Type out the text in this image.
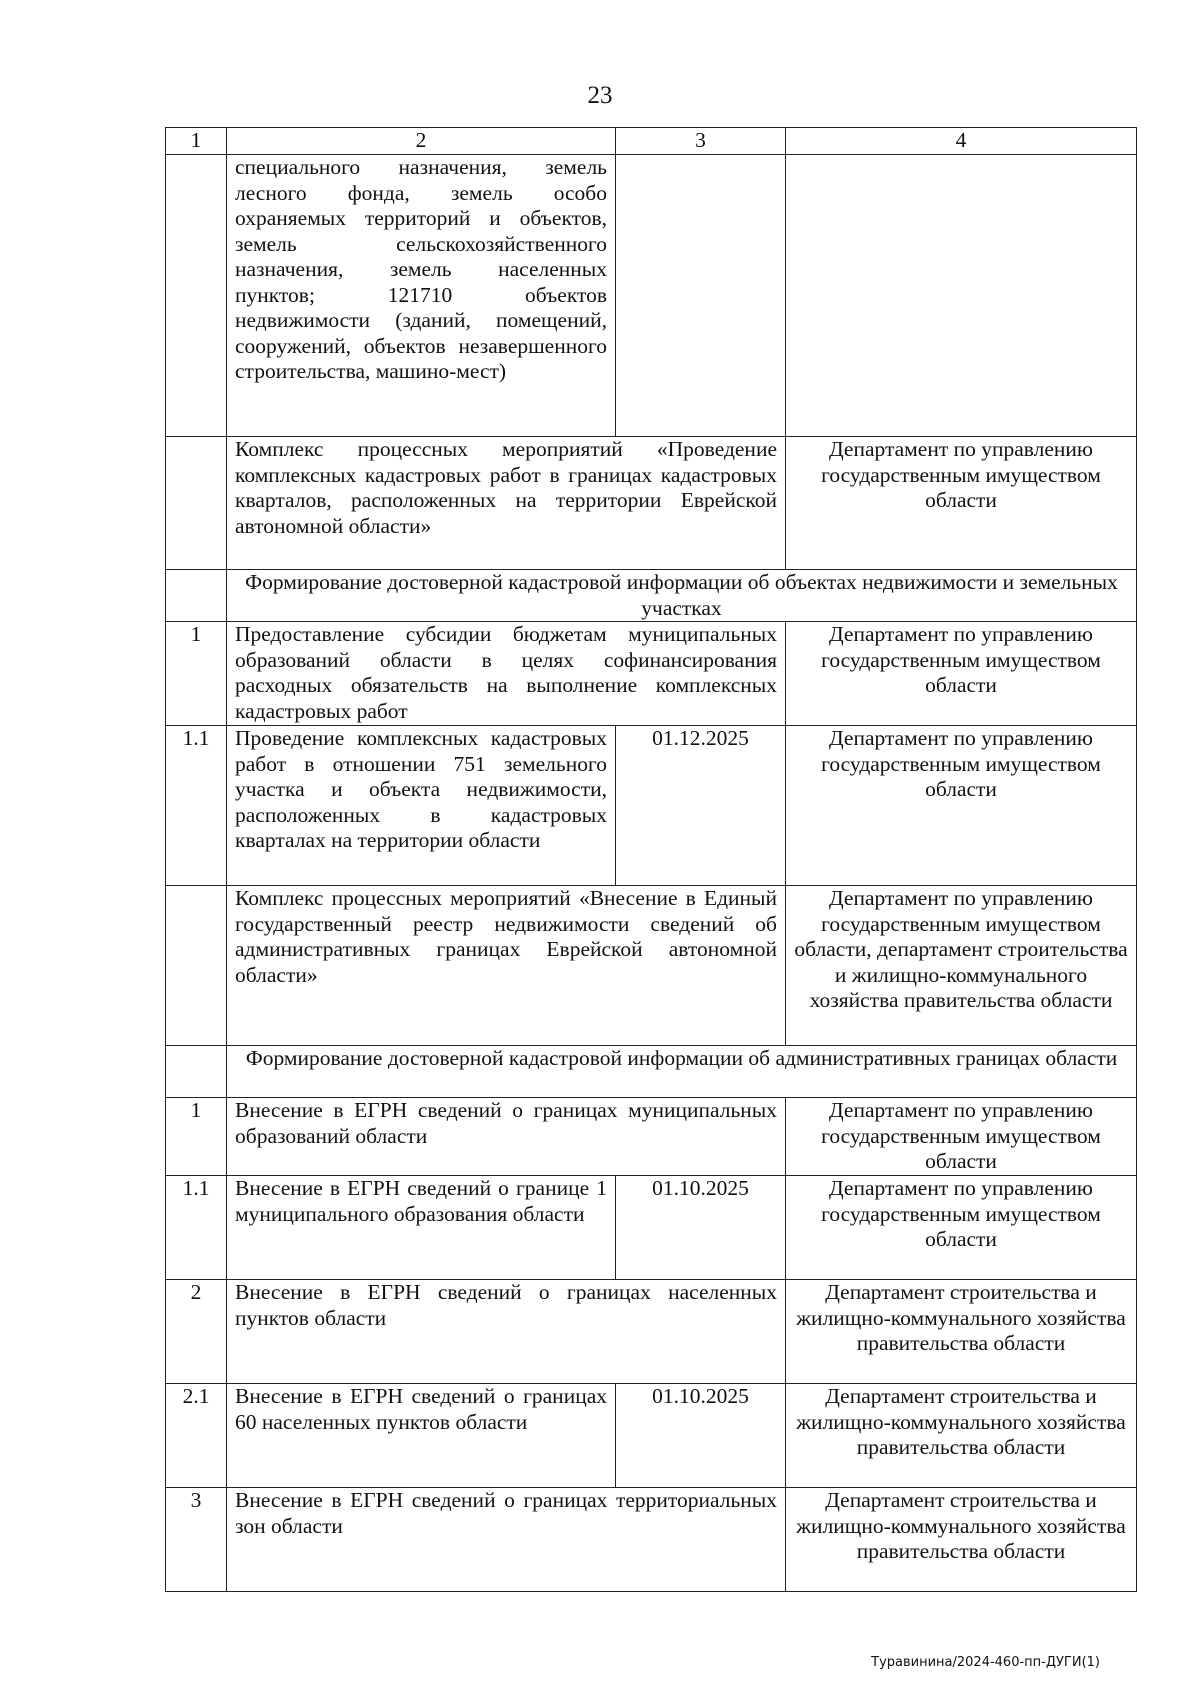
23
1	2	3	4
	специального назначения, земель лесного фонда, земель особо охраняемых территорий и объектов, земель сельскохозяйственного назначения, земель населенных пунктов; 121710 объектов недвижимости (зданий, помещений, сооружений, объектов незавершенного строительства, машино-мест)		
	Комплекс процессных мероприятий «Проведение комплексных кадастровых работ в границах кадастровых кварталов, расположенных на территории Еврейской автономной области»		Департамент по управлению государственным имуществом области
	Формирование достоверной кадастровой информации об объектах недвижимости и земельных участках		
1	Предоставление субсидии бюджетам муниципальных образований области в целях софинансирования расходных обязательств на выполнение комплексных кадастровых работ		Департамент по управлению государственным имуществом области
1.1	Проведение комплексных кадастровых работ в отношении 751 земельного участка и объекта недвижимости, расположенных в кадастровых кварталах на территории области	01.12.2025	Департамент по управлению государственным имуществом области
	Комплекс процессных мероприятий «Внесение в Единый государственный реестр недвижимости сведений об административных границах Еврейской автономной области»		Департамент по управлению государственным имуществом области, департамент строительства и жилищно-коммунального хозяйства правительства области
	Формирование достоверной кадастровой информации об административных границах области		
1	Внесение в ЕГРН сведений о границах муниципальных образований области		Департамент по управлению государственным имуществом области
1.1	Внесение в ЕГРН сведений о границе 1 муниципального образования области	01.10.2025	Департамент по управлению государственным имуществом области
2	Внесение в ЕГРН сведений о границах населенных пунктов области		Департамент строительства и жилищно-коммунального хозяйства правительства области
2.1	Внесение в ЕГРН сведений о границах 60 населенных пунктов области	01.10.2025	Департамент строительства и жилищно-коммунального хозяйства правительства области
3	Внесение в ЕГРН сведений о границах территориальных зон области		Департамент строительства и жилищно-коммунального хозяйства правительства области
Туравинина/2024-460-пп-ДУГИ(1)
